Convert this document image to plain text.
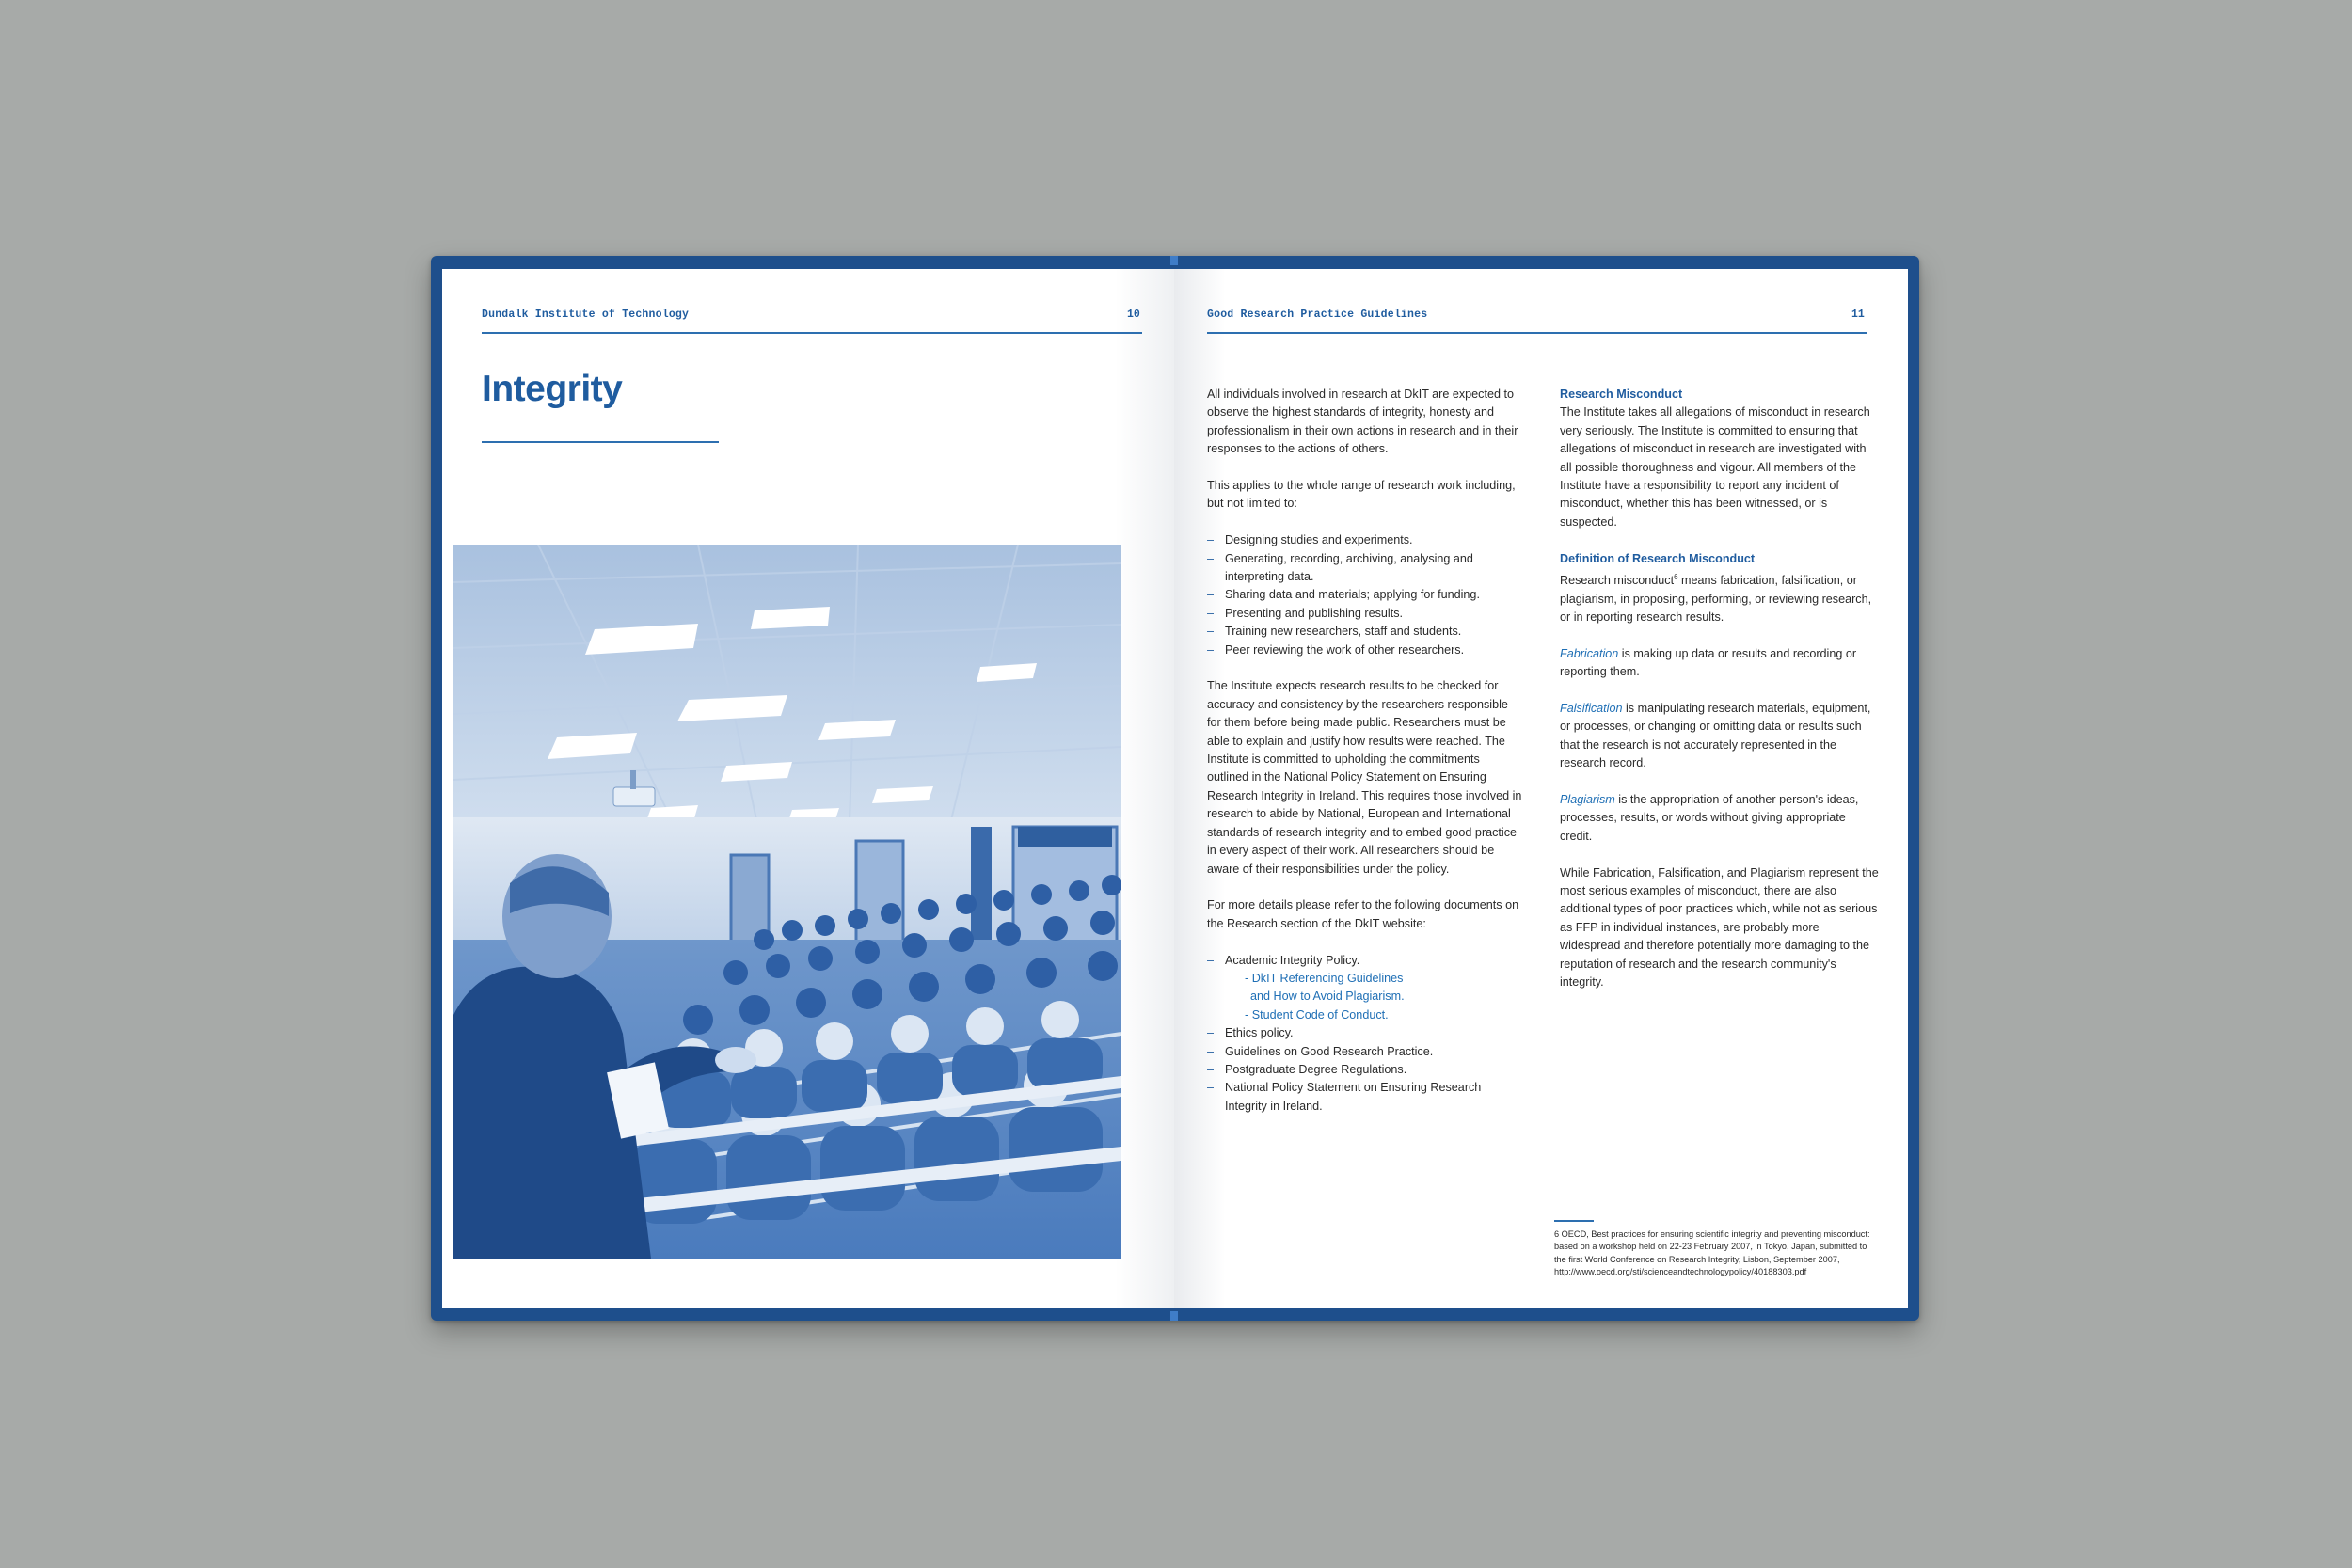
Dundalk Institute of Technology	10
Integrity
Good Research Practice Guidelines	11

All individuals involved in research at DkIT are expected to observe the highest standards of integrity, honesty and professionalism in their own actions in research and in their responses to the actions of others.

This applies to the whole range of research work including, but not limited to:

– Designing studies and experiments.
– Generating, recording, archiving, analysing and interpreting data.
– Sharing data and materials; applying for funding.
– Presenting and publishing results.
– Training new researchers, staff and students.
– Peer reviewing the work of other researchers.

The Institute expects research results to be checked for accuracy and consistency by the researchers responsible for them before being made public. Researchers must be able to explain and justify how results were reached. The Institute is committed to upholding the commitments outlined in the National Policy Statement on Ensuring Research Integrity in Ireland. This requires those involved in research to abide by National, European and International standards of research integrity and to embed good practice in every aspect of their work. All researchers should be aware of their responsibilities under the policy.

For more details please refer to the following documents on the Research section of the DkIT website:

– Academic Integrity Policy.
- DkIT Referencing Guidelines
and How to Avoid Plagiarism.
- Student Code of Conduct.
– Ethics policy.
– Guidelines on Good Research Practice.
– Postgraduate Degree Regulations.
– National Policy Statement on Ensuring Research Integrity in Ireland.
Research Misconduct

The Institute takes all allegations of misconduct in research very seriously. The Institute is committed to ensuring that allegations of misconduct in research are investigated with all possible thoroughness and vigour. All members of the Institute have a responsibility to report any incident of misconduct, whether this has been witnessed, or is suspected.

Definition of Research Misconduct

Research misconduct$^6$ means fabrication, falsification, or plagiarism, in proposing, performing, or reviewing research, or in reporting research results.

Fabrication is making up data or results and recording or reporting them.

Falsification is manipulating research materials, equipment, or processes, or changing or omitting data or results such that the research is not accurately represented in the research record.

Plagiarism is the appropriation of another person's ideas, processes, results, or words without giving appropriate credit.

While Fabrication, Falsification, and Plagiarism represent the most serious examples of misconduct, there are also additional types of poor practices which, while not as serious as FFP in individual instances, are probably more widespread and therefore potentially more damaging to the reputation of research and the research community's integrity.

6 OECD, Best practices for ensuring scientific integrity and preventing misconduct: based on a workshop held on 22-23 February 2007, in Tokyo, Japan, submitted to the first World Conference on Research Integrity, Lisbon, September 2007, http://www.oecd.org/sti/scienceandtechnologypolicy/40188303.pdf
